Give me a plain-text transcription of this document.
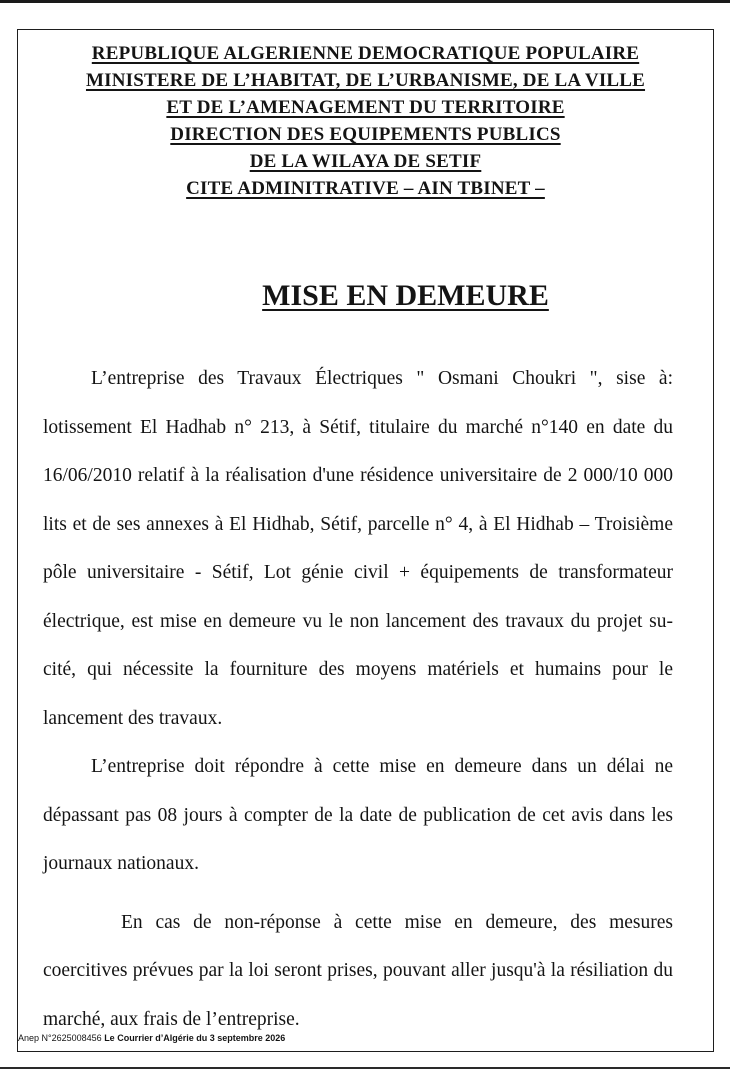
REPUBLIQUE ALGERIENNE DEMOCRATIQUE POPULAIRE
MINISTERE DE L’HABITAT, DE L’URBANISME, DE LA VILLE
ET DE L’AMENAGEMENT DU TERRITOIRE
DIRECTION DES EQUIPEMENTS PUBLICS
DE LA WILAYA DE SETIF
CITE ADMINITRATIVE – AIN TBINET –
MISE EN DEMEURE

L’entreprise des Travaux Électriques " Osmani Choukri ", sise à: lotissement El Hadhab n° 213, à Sétif, titulaire du marché n°140 en date du 16/06/2010 relatif à la réalisation d'une résidence universitaire de 2 000/10 000 lits et de ses annexes à El Hidhab, Sétif, parcelle n° 4, à El Hidhab – Troisième pôle universitaire - Sétif, Lot génie civil + équipements de transformateur électrique, est mise en demeure vu le non lancement des travaux du projet su-cité, qui nécessite la fourniture des moyens matériels et humains pour le lancement des travaux.

L’entreprise doit répondre à cette mise en demeure dans un délai ne dépassant pas 08 jours à compter de la date de publication de cet avis dans les journaux nationaux.

En cas de non-réponse à cette mise en demeure, des mesures coercitives prévues par la loi seront prises, pouvant aller jusqu'à la résiliation du marché, aux frais de l’entreprise.

Anep N°2625008456 Le Courrier d’Algérie du 3 septembre 2026
